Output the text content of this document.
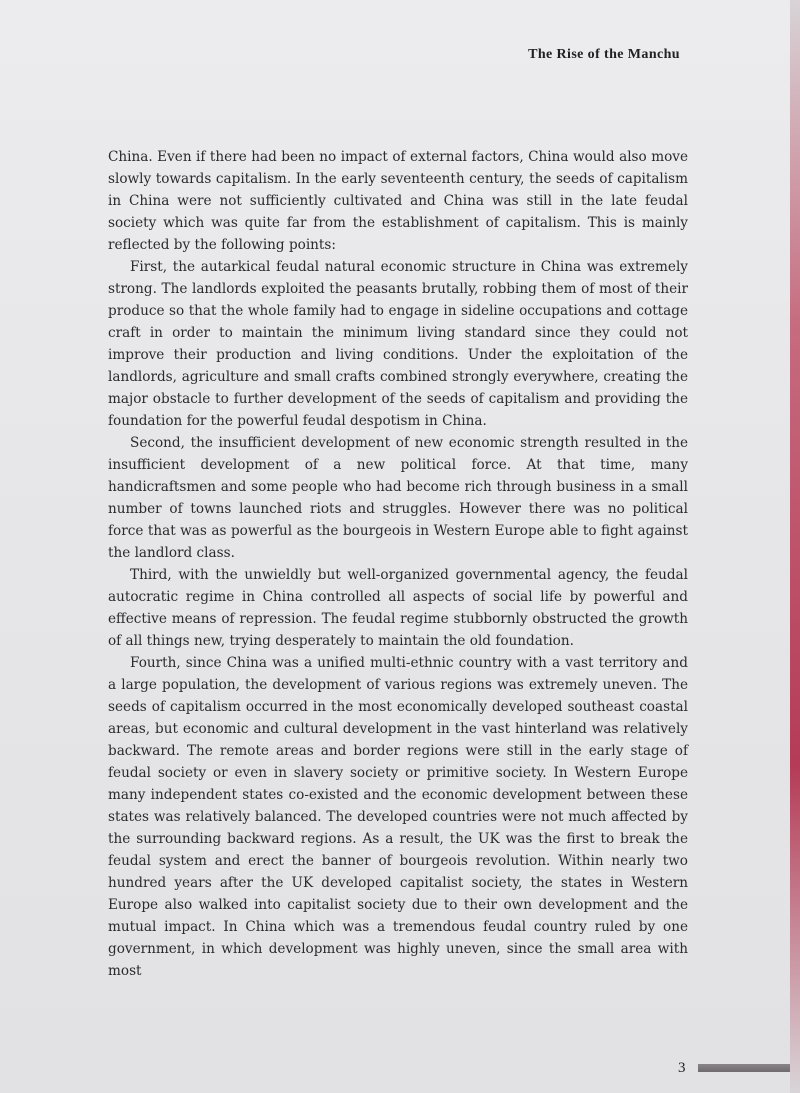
The Rise of the Manchu

China. Even if there had been no impact of external factors, China would also move slowly towards capitalism. In the early seventeenth century, the seeds of capitalism in China were not sufficiently cultivated and China was still in the late feudal society which was quite far from the establishment of capitalism. This is mainly reflected by the following points:

First, the autarkical feudal natural economic structure in China was extremely strong. The landlords exploited the peasants brutally, robbing them of most of their produce so that the whole family had to engage in sideline occupations and cottage craft in order to maintain the minimum living standard since they could not improve their production and living conditions. Under the exploitation of the landlords, agriculture and small crafts combined strongly everywhere, creating the major obstacle to further development of the seeds of capitalism and providing the foundation for the powerful feudal despotism in China.

Second, the insufficient development of new economic strength resulted in the insufficient development of a new political force. At that time, many handicraftsmen and some people who had become rich through business in a small number of towns launched riots and struggles. However there was no political force that was as powerful as the bourgeois in Western Europe able to fight against the landlord class.

Third, with the unwieldly but well-organized governmental agency, the feudal autocratic regime in China controlled all aspects of social life by powerful and effective means of repression. The feudal regime stubbornly obstructed the growth of all things new, trying desperately to maintain the old foundation.

Fourth, since China was a unified multi-ethnic country with a vast territory and a large population, the development of various regions was extremely uneven. The seeds of capitalism occurred in the most economically developed southeast coastal areas, but economic and cultural development in the vast hinterland was relatively backward. The remote areas and border regions were still in the early stage of feudal society or even in slavery society or primitive society. In Western Europe many independent states co-existed and the economic development between these states was relatively balanced. The developed countries were not much affected by the surrounding backward regions. As a result, the UK was the first to break the feudal system and erect the banner of bourgeois revolution. Within nearly two hundred years after the UK developed capitalist society, the states in Western Europe also walked into capitalist society due to their own development and the mutual impact. In China which was a tremendous feudal country ruled by one government, in which development was highly uneven, since the small area with most

3
